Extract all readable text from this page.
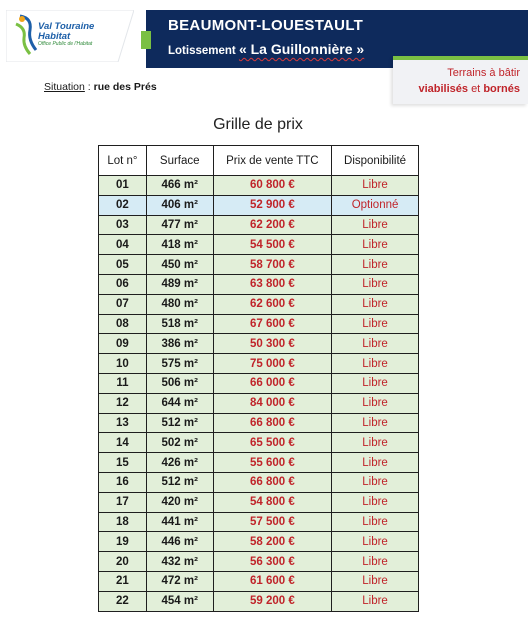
Val Touraine
Habitat
Office Public de l'Habitat
BEAUMONT-LOUESTAULT
Lotissement « La Guillonnière »
Terrains à bâtir
viabilisés et bornés
Situation : rue des Prés
Grille de prix
Lot n°	Surface	Prix de vente TTC	Disponibilité
01	466 m²	60 800 €	Libre
02	406 m²	52 900 €	Optionné
03	477 m²	62 200 €	Libre
04	418 m²	54 500 €	Libre
05	450 m²	58 700 €	Libre
06	489 m²	63 800 €	Libre
07	480 m²	62 600 €	Libre
08	518 m²	67 600 €	Libre
09	386 m²	50 300 €	Libre
10	575 m²	75 000 €	Libre
11	506 m²	66 000 €	Libre
12	644 m²	84 000 €	Libre
13	512 m²	66 800 €	Libre
14	502 m²	65 500 €	Libre
15	426 m²	55 600 €	Libre
16	512 m²	66 800 €	Libre
17	420 m²	54 800 €	Libre
18	441 m²	57 500 €	Libre
19	446 m²	58 200 €	Libre
20	432 m²	56 300 €	Libre
21	472 m²	61 600 €	Libre
22	454 m²	59 200 €	Libre
